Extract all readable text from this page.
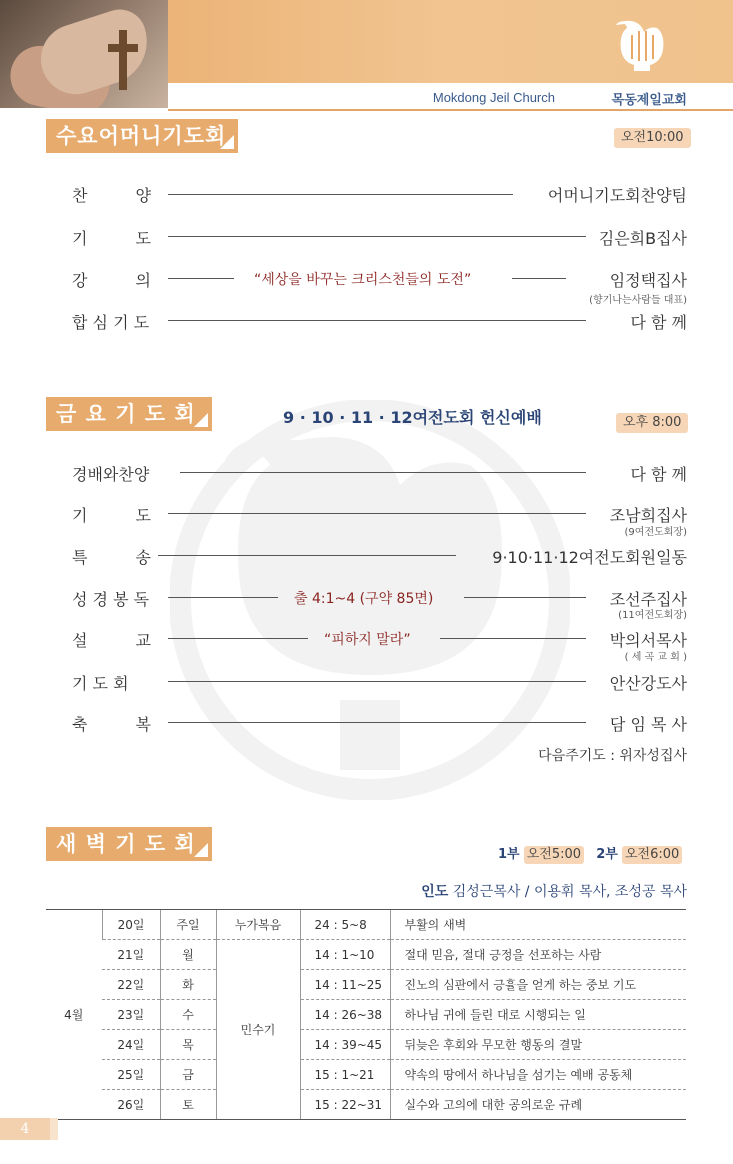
Mokdong Jeil Church	목동제일교회
수요어머니기도회	오전10:00
찬　　　양	어머니기도회찬양팀
기　　　도	김은희B집사
강　　　의	“세상을 바꾸는 크리스천들의 도전”	임정택집사
(향기나는사람들 대표)
합 심 기 도	다 함 께
금 요 기 도 회	9 · 10 · 11 · 12여전도회 헌신예배	오후 8:00
경배와찬양	다 함 께
기　　　도	조남희집사
(9여전도회장)
특　　　송	9·10·11·12여전도회원일동
성 경 봉 독	출 4:1~4 (구약 85면)	조선주집사
(11여전도회장)
설　　　교	“피하지 말라”	박의서목사
( 세 곡 교 회 )
기 도 회	안산강도사
축　　　복	담 임 목 사
다음주기도 : 위자성집사
새 벽 기 도 회	1부 오전5:00 2부 오전6:00
인도 김성근목사 / 이용휘 목사, 조성공 목사
4월	20일	주일	누가복음	24 : 5~8	부활의 새벽
	21일	월	민수기	14 : 1~10	절대 믿음, 절대 긍정을 선포하는 사람
	22일	화		14 : 11~25	진노의 심판에서 긍휼을 얻게 하는 중보 기도
	23일	수		14 : 26~38	하나님 귀에 들린 대로 시행되는 일
	24일	목		14 : 39~45	뒤늦은 후회와 무모한 행동의 결말
	25일	금		15 : 1~21	약속의 땅에서 하나님을 섬기는 예배 공동체
	26일	토		15 : 22~31	실수와 고의에 대한 공의로운 규례
4
